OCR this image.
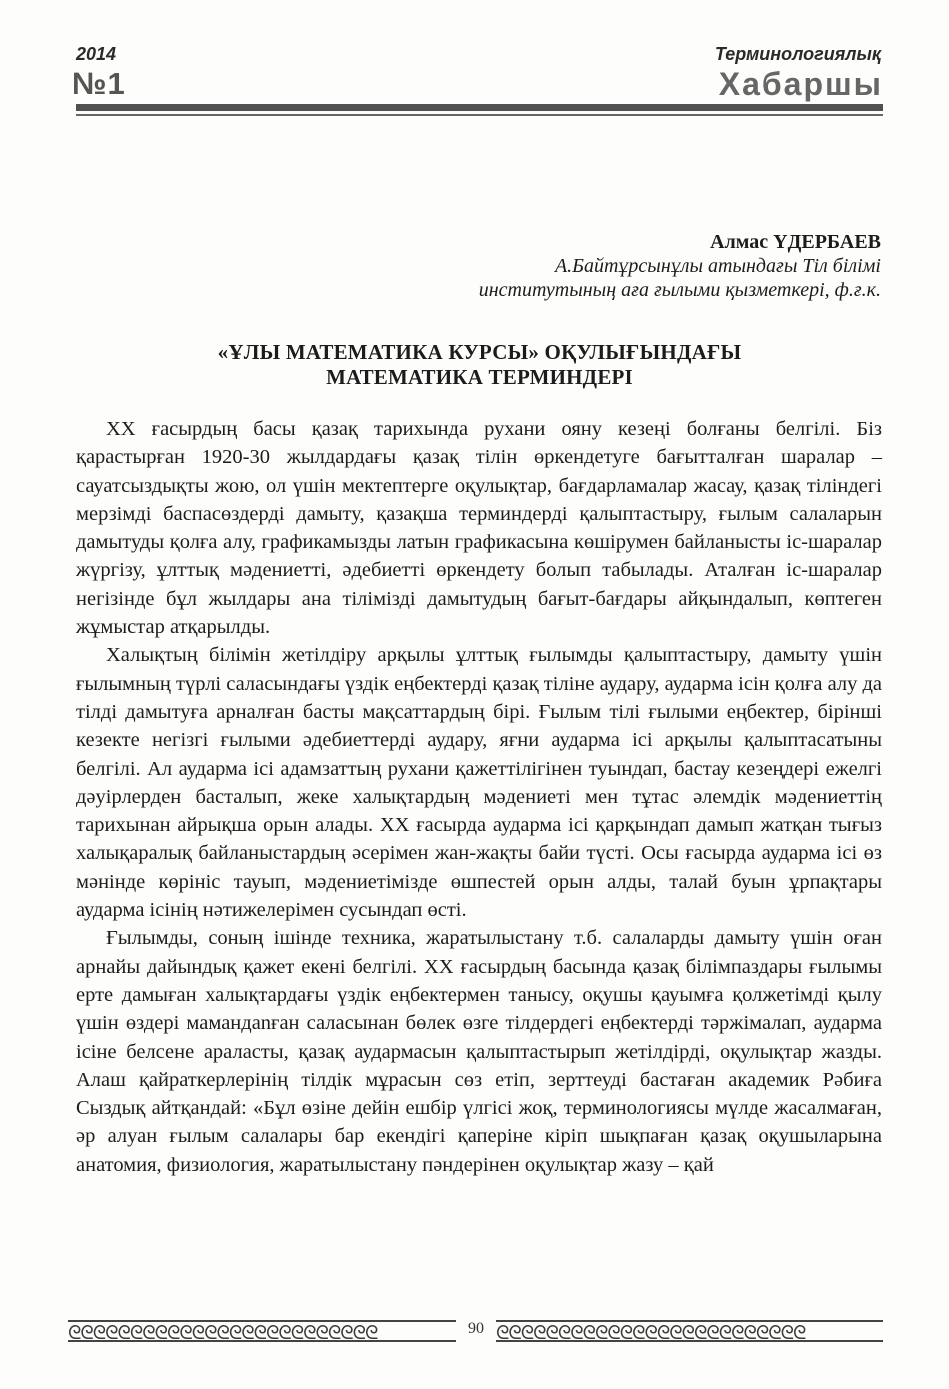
2014
№1
Терминологиялық
Хабаршы
Алмас ҮДЕРБАЕВ
А.Байтұрсынұлы атындағы Тіл білімі
институтының аға ғылыми қызметкері, ф.ғ.к.
«ҰЛЫ МАТЕМАТИКА КУРСЫ» ОҚУЛЫҒЫНДАҒЫ
МАТЕМАТИКА ТЕРМИНДЕРІ

XX ғасырдың басы қазақ тарихында рухани ояну кезеңі болғаны белгілі. Біз қарастырған 1920-30 жылдардағы қазақ тілін өркендетуге бағытталған шаралар – сауатсыздықты жою, ол үшін мектептерге оқулықтар, бағдарламалар жасау, қазақ тіліндегі мерзімді баспасөздерді дамыту, қазақша терминдерді қалыптастыру, ғылым салаларын дамытуды қолға алу, графикамызды латын графикасына көшірумен байланысты іс-шаралар жүргізу, ұлттық мәдениетті, әдебиетті өркендету болып табылады. Аталған іс-шаралар негізінде бұл жылдары ана тілімізді дамытудың бағыт-бағдары айқындалып, көптеген жұмыстар атқарылды.

Халықтың білімін жетілдіру арқылы ұлттық ғылымды қалыптастыру, дамыту үшін ғылымның түрлі саласындағы үздік еңбектерді қазақ тіліне аудару, аударма ісін қолға алу да тілді дамытуға арналған басты мақсаттардың бірі. Ғылым тілі ғылыми еңбектер, бірінші кезекте негізгі ғылыми әдебиеттерді аудару, яғни аударма ісі арқылы қалыптасатыны белгілі. Ал аударма ісі адамзаттың рухани қажеттілігінен туындап, бастау кезеңдері ежелгі дәуірлерден басталып, жеке халықтардың мәдениеті мен тұтас әлемдік мәдениеттің тарихынан айрықша орын алады. XX ғасырда аударма ісі қарқындап дамып жатқан тығыз халықаралық байланыстардың әсерімен жан-жақты байи түсті. Осы ғасырда аударма ісі өз мәнінде көрініс тауып, мәдениетімізде өшпестей орын алды, талай буын ұрпақтары аударма ісінің нәтижелерімен сусындап өсті.

Ғылымды, соның ішінде техника, жаратылыстану т.б. салаларды дамыту үшін оған арнайы дайындық қажет екені белгілі. XX ғасырдың басында қазақ білімпаздары ғылымы ерте дамыған халықтардағы үздік еңбектермен танысу, оқушы қауымға қолжетімді қылу үшін өздері мамандanған саласынан бөлек өзге тілдердегі еңбектерді тәржімалап, аударма ісіне белсене араласты, қазақ аудармасын қалыптастырып жетілдірді, оқулықтар жазды. Алаш қайраткерлерінің тілдік мұрасын сөз етіп, зерттеуді бастаған академик Рәбиға Сыздық айтқандай: «Бұл өзіне дейін ешбір үлгісі жоқ, терминологиясы мүлде жасалмаған, әр алуан ғылым салалары бар екендігі қаперіне кіріп шықпаған қазақ оқушыларына анатомия, физиология, жаратылыстану пәндерінен оқулықтар жазу – қай

ᘓᘓᘓᘓᘓᘓᘓᘓᘓᘓᘓᘓᘓᘓᘓᘓᘓᘓᘓᘓᘓᘓᘓᘓᘓ	90 ᘓᘓᘓᘓᘓᘓᘓᘓᘓᘓᘓᘓᘓᘓᘓᘓᘓᘓᘓᘓᘓᘓᘓᘓᘓ
